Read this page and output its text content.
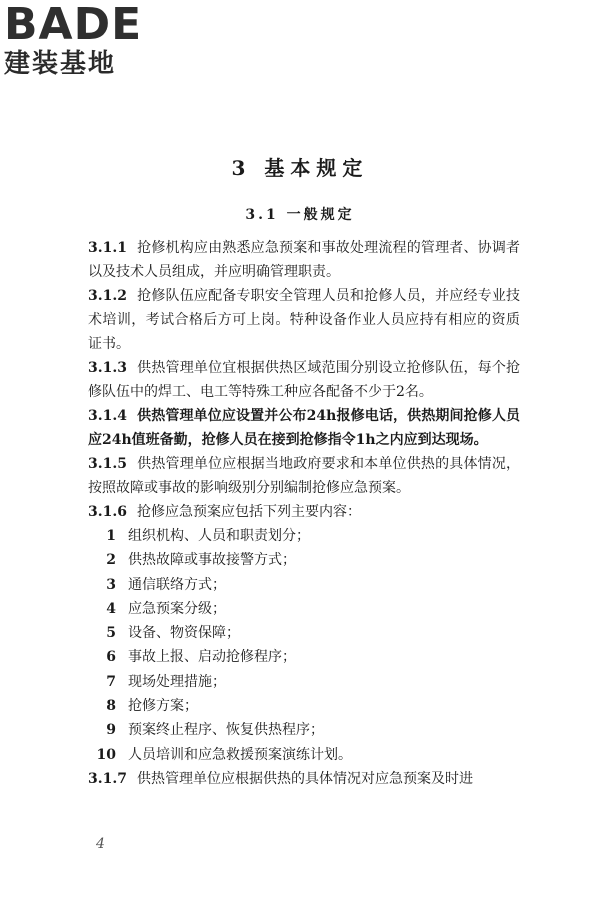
BADE
建装基地
3 基本规定
3.1 一般规定

3.1.1 抢修机构应由熟悉应急预案和事故处理流程的管理者、协调者以及技术人员组成，并应明确管理职责。

3.1.2 抢修队伍应配备专职安全管理人员和抢修人员，并应经专业技术培训，考试合格后方可上岗。特种设备作业人员应持有相应的资质证书。

3.1.3 供热管理单位宜根据供热区域范围分别设立抢修队伍，每个抢修队伍中的焊工、电工等特殊工种应各配备不少于2名。

3.1.4 供热管理单位应设置并公布24h报修电话，供热期间抢修人员应24h值班备勤，抢修人员在接到抢修指令1h之内应到达现场。

3.1.5 供热管理单位应根据当地政府要求和本单位供热的具体情况，按照故障或事故的影响级别分别编制抢修应急预案。

3.1.6 抢修应急预案应包括下列主要内容：

1 组织机构、人员和职责划分；
2 供热故障或事故接警方式；
3 通信联络方式；
4 应急预案分级；
5 设备、物资保障；
6 事故上报、启动抢修程序；
7 现场处理措施；
8 抢修方案；
9 预案终止程序、恢复供热程序；
10 人员培训和应急救援预案演练计划。

3.1.7 供热管理单位应根据供热的具体情况对应急预案及时进

4
